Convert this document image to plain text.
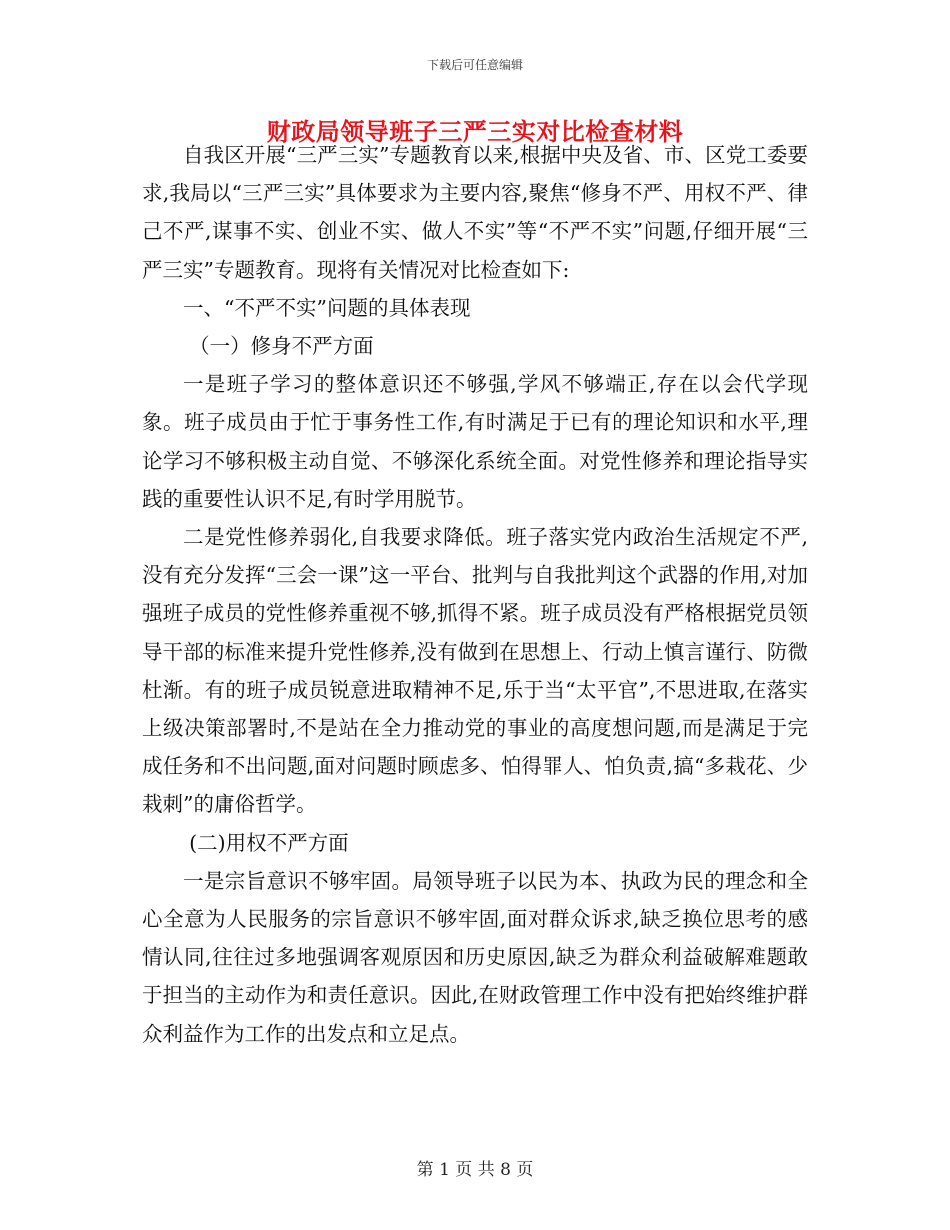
下载后可任意编辑
财政局领导班子三严三实对比检查材料

自我区开展“三严三实”专题教育以来,根据中央及省、市、区党工委要求,我局以“三严三实”具体要求为主要内容,聚焦“修身不严、用权不严、律己不严,谋事不实、创业不实、做人不实”等“不严不实”问题,仔细开展“三严三实”专题教育。现将有关情况对比检查如下:

一、“不严不实”问题的具体表现

（一）修身不严方面

一是班子学习的整体意识还不够强,学风不够端正,存在以会代学现象。班子成员由于忙于事务性工作,有时满足于已有的理论知识和水平,理论学习不够积极主动自觉、不够深化系统全面。对党性修养和理论指导实践的重要性认识不足,有时学用脱节。

二是党性修养弱化,自我要求降低。班子落实党内政治生活规定不严,没有充分发挥“三会一课”这一平台、批判与自我批判这个武器的作用,对加强班子成员的党性修养重视不够,抓得不紧。班子成员没有严格根据党员领导干部的标准来提升党性修养,没有做到在思想上、行动上慎言谨行、防微杜渐。有的班子成员锐意进取精神不足,乐于当“太平官”,不思进取,在落实上级决策部署时,不是站在全力推动党的事业的高度想问题,而是满足于完成任务和不出问题,面对问题时顾虑多、怕得罪人、怕负责,搞“多栽花、少栽刺”的庸俗哲学。

(二)用权不严方面

一是宗旨意识不够牢固。局领导班子以民为本、执政为民的理念和全心全意为人民服务的宗旨意识不够牢固,面对群众诉求,缺乏换位思考的感情认同,往往过多地强调客观原因和历史原因,缺乏为群众利益破解难题敢于担当的主动作为和责任意识。因此,在财政管理工作中没有把始终维护群众利益作为工作的出发点和立足点。

第 1 页 共 8 页
